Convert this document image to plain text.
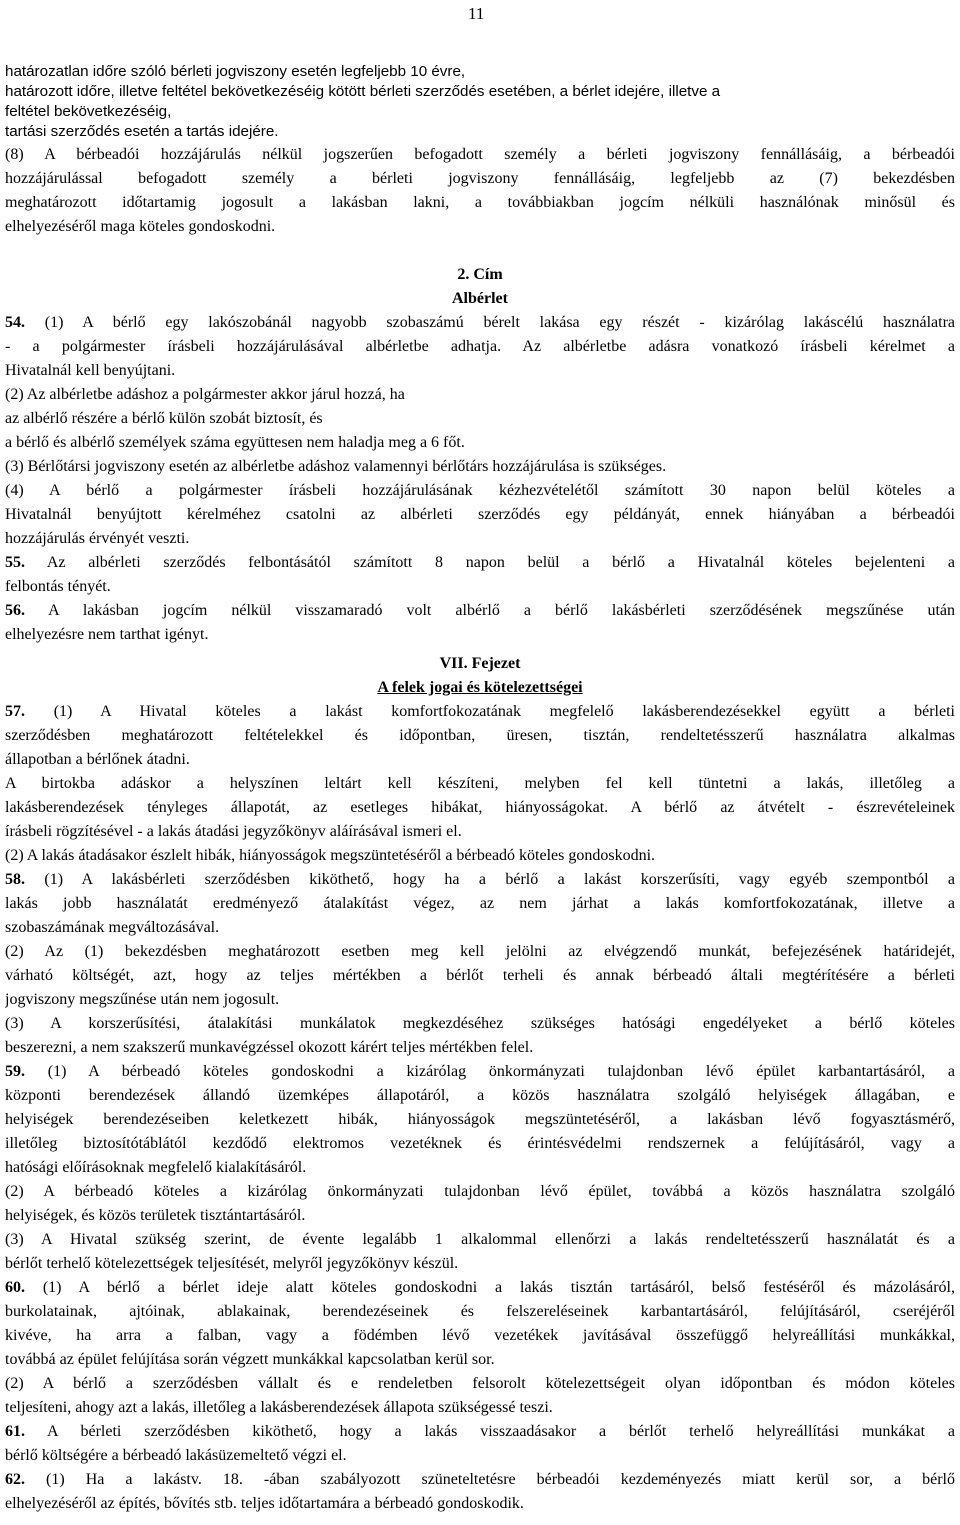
11
határozatlan időre szóló bérleti jogviszony esetén legfeljebb 10 évre,
határozott időre, illetve feltétel bekövetkezéséig kötött bérleti szerződés esetében, a bérlet idejére, illetve a
feltétel bekövetkezéséig,
tartási szerződés esetén a tartás idejére.
(8) A bérbeadói hozzájárulás nélkül jogszerűen befogadott személy a bérleti jogviszony fennállásáig, a bérbeadói
hozzájárulással befogadott személy a bérleti jogviszony fennállásáig, legfeljebb az (7) bekezdésben
meghatározott időtartamig jogosult a lakásban lakni, a továbbiakban jogcím nélküli használónak minősül és
elhelyezéséről maga köteles gondoskodni.
2. Cím
Albérlet
54. (1) A bérlő egy lakószobánál nagyobb szobaszámú bérelt lakása egy részét - kizárólag lakáscélú használatra
- a polgármester írásbeli hozzájárulásával albérletbe adhatja. Az albérletbe adásra vonatkozó írásbeli kérelmet a
Hivatalnál kell benyújtani.
(2) Az albérletbe adáshoz a polgármester akkor járul hozzá, ha
az albérlő részére a bérlő külön szobát biztosít, és
a bérlő és albérlő személyek száma együttesen nem haladja meg a 6 főt.
(3) Bérlőtársi jogviszony esetén az albérletbe adáshoz valamennyi bérlőtárs hozzájárulása is szükséges.
(4) A bérlő a polgármester írásbeli hozzájárulásának kézhezvételétől számított 30 napon belül köteles a
Hivatalnál benyújtott kérelméhez csatolni az albérleti szerződés egy példányát, ennek hiányában a bérbeadói
hozzájárulás érvényét veszti.
55. Az albérleti szerződés felbontásától számított 8 napon belül a bérlő a Hivatalnál köteles bejelenteni a
felbontás tényét.
56. A lakásban jogcím nélkül visszamaradó volt albérlő a bérlő lakásbérleti szerződésének megszűnése után
elhelyezésre nem tarthat igényt.
VII. Fejezet
A felek jogai és kötelezettségei
57. (1) A Hivatal köteles a lakást komfortfokozatának megfelelő lakásberendezésekkel együtt a bérleti
szerződésben meghatározott feltételekkel és időpontban, üresen, tisztán, rendeltetésszerű használatra alkalmas
állapotban a bérlőnek átadni.
A birtokba adáskor a helyszínen leltárt kell készíteni, melyben fel kell tüntetni a lakás, illetőleg a
lakásberendezések tényleges állapotát, az esetleges hibákat, hiányosságokat. A bérlő az átvételt - észrevételeinek
írásbeli rögzítésével - a lakás átadási jegyzőkönyv aláírásával ismeri el.
(2) A lakás átadásakor észlelt hibák, hiányosságok megszüntetéséről a bérbeadó köteles gondoskodni.
58. (1) A lakásbérleti szerződésben kiköthető, hogy ha a bérlő a lakást korszerűsíti, vagy egyéb szempontból a
lakás jobb használatát eredményező átalakítást végez, az nem járhat a lakás komfortfokozatának, illetve a
szobaszámának megváltozásával.
(2) Az (1) bekezdésben meghatározott esetben meg kell jelölni az elvégzendő munkát, befejezésének határidejét,
várható költségét, azt, hogy az teljes mértékben a bérlőt terheli és annak bérbeadó általi megtérítésére a bérleti
jogviszony megszűnése után nem jogosult.
(3) A korszerűsítési, átalakítási munkálatok megkezdéséhez szükséges hatósági engedélyeket a bérlő köteles
beszerezni, a nem szakszerű munkavégzéssel okozott kárért teljes mértékben felel.
59. (1) A bérbeadó köteles gondoskodni a kizárólag önkormányzati tulajdonban lévő épület karbantartásáról, a
központi berendezések állandó üzemképes állapotáról, a közös használatra szolgáló helyiségek állagában, e
helyiségek berendezéseiben keletkezett hibák, hiányosságok megszüntetéséről, a lakásban lévő fogyasztásmérő,
illetőleg biztosítótáblától kezdődő elektromos vezetéknek és érintésvédelmi rendszernek a felújításáról, vagy a
hatósági előírásoknak megfelelő kialakításáról.
(2) A bérbeadó köteles a kizárólag önkormányzati tulajdonban lévő épület, továbbá a közös használatra szolgáló
helyiségek, és közös területek tisztántartásáról.
(3) A Hivatal szükség szerint, de évente legalább 1 alkalommal ellenőrzi a lakás rendeltetésszerű használatát és a
bérlőt terhelő kötelezettségek teljesítését, melyről jegyzőkönyv készül.
60. (1) A bérlő a bérlet ideje alatt köteles gondoskodni a lakás tisztán tartásáról, belső festéséről és mázolásáról,
burkolatainak, ajtóinak, ablakainak, berendezéseinek és felszereléseinek karbantartásáról, felújításáról, cseréjéről
kivéve, ha arra a falban, vagy a födémben lévő vezetékek javításával összefüggő helyreállítási munkákkal,
továbbá az épület felújítása során végzett munkákkal kapcsolatban kerül sor.
(2) A bérlő a szerződésben vállalt és e rendeletben felsorolt kötelezettségeit olyan időpontban és módon köteles
teljesíteni, ahogy azt a lakás, illetőleg a lakásberendezések állapota szükségessé teszi.
61. A bérleti szerződésben kiköthető, hogy a lakás visszaadásakor a bérlőt terhelő helyreállítási munkákat a
bérlő költségére a bérbeadó lakásüzemeltető végzi el.
62. (1) Ha a lakástv. 18. -ában szabályozott szüneteltetésre bérbeadói kezdeményezés miatt kerül sor, a bérlő
elhelyezéséről az építés, bővítés stb. teljes időtartamára a bérbeadó gondoskodik.
